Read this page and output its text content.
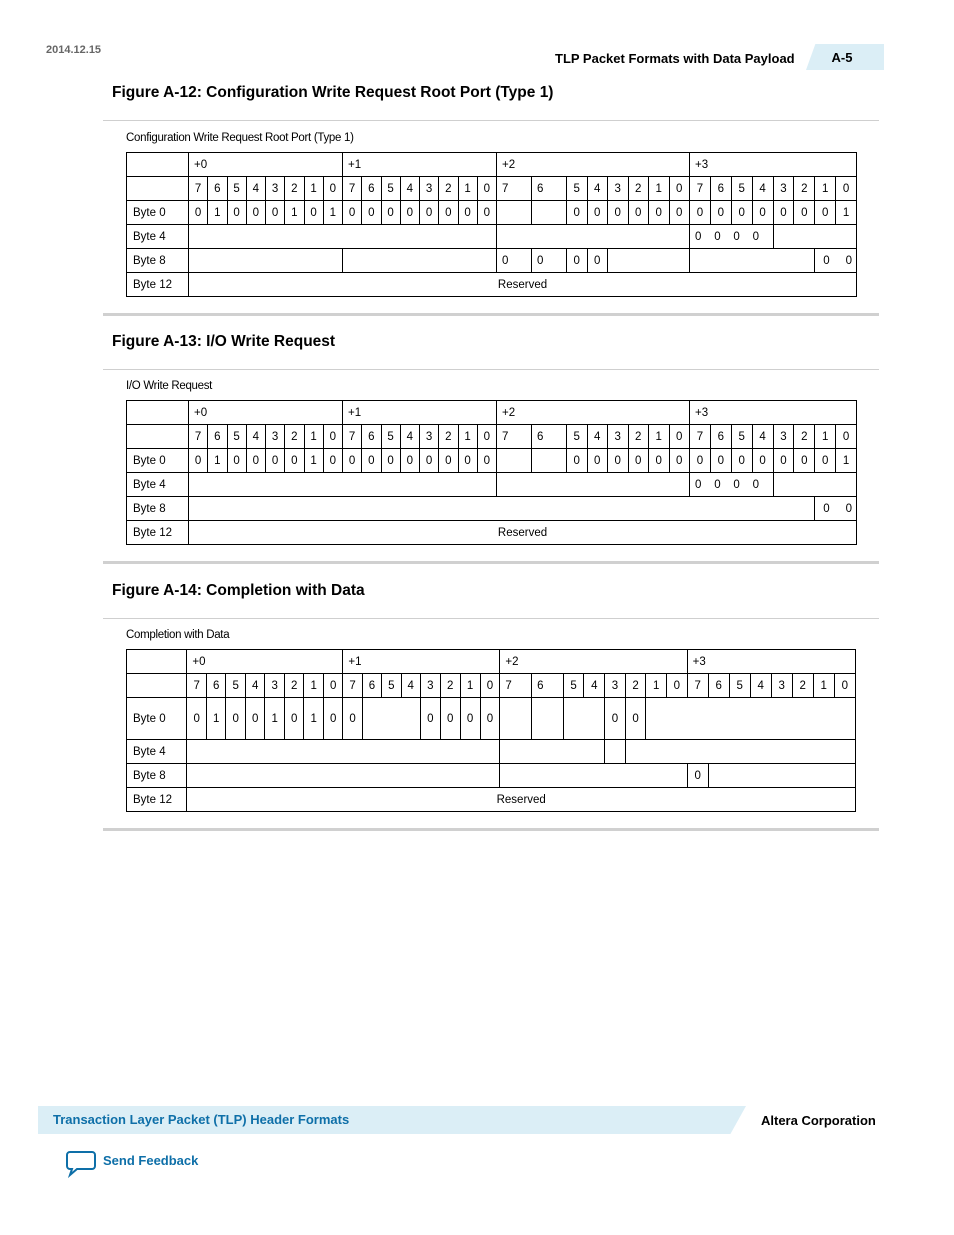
2014.12.15
TLP Packet Formats with Data Payload	A-5
Figure A-12: Configuration Write Request Root Port (Type 1)
Configuration Write Request Root Port (Type 1)
	+0								+1								+2								+3							
	7	6	5	4	3	2	1	0	7	6	5	4	3	2	1	0	7	6	5	4	3	2	1	0	7	6	5	4	3	2	1	0
Byte 0	0	1	0	0	0	1	0	1	0	0	0	0	0	0	0	0			0	0	0	0	0	0	0	0	0	0	0	0	0	1
Byte 4																									0 0 0 0							
Byte 8																	0	0	0	0											0 0	
Byte 12	Reserved																															
Figure A-13: I/O Write Request
I/O Write Request
	+0								+1								+2								+3							
	7	6	5	4	3	2	1	0	7	6	5	4	3	2	1	0	7	6	5	4	3	2	1	0	7	6	5	4	3	2	1	0
Byte 0	0	1	0	0	0	0	1	0	0	0	0	0	0	0	0	0			0	0	0	0	0	0	0	0	0	0	0	0	0	1
Byte 4																									0 0 0 0							
Byte 8																															0 0	
Byte 12	Reserved																															
Figure A-14: Completion with Data
Completion with Data
	+0								+1								+2								+3							
	7	6	5	4	3	2	1	0	7	6	5	4	3	2	1	0	7	6	5	4	3	2	1	0	7	6	5	4	3	2	1	0
Byte 0	0	1	0	0	1	0	1	0	0				0	0	0	0					0	0										
Byte 4																																
Byte 8																									0							
Byte 12	Reserved																															
Transaction Layer Packet (TLP) Header Formats	Altera Corporation
Send Feedback
